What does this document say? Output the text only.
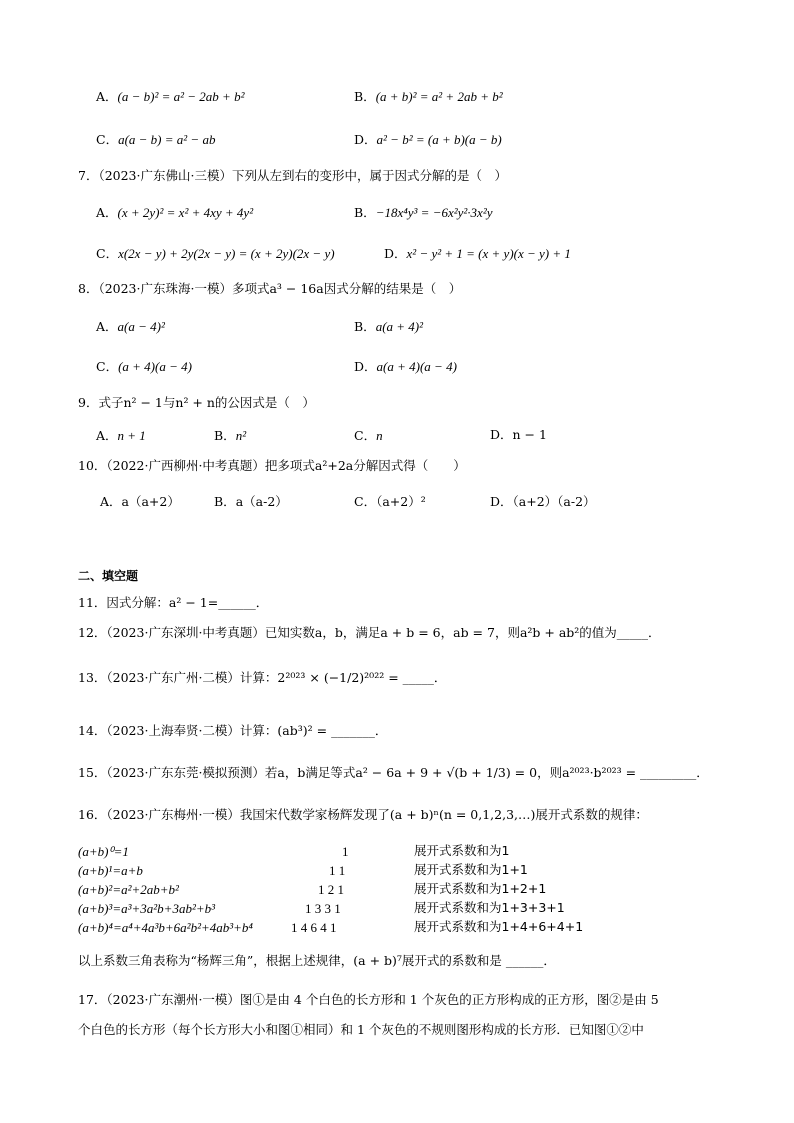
A．(a − b)² = a² − 2ab + b²	B．(a + b)² = a² + 2ab + b²
C．a(a − b) = a² − ab	D．a² − b² = (a + b)(a − b)
7．（2023·广东佛山·三模）下列从左到右的变形中，属于因式分解的是（　）
A．(x + 2y)² = x² + 4xy + 4y²	B．−18x⁴y³ = −6x²y²·3x²y
C．x(2x − y) + 2y(2x − y) = (x + 2y)(2x − y)	D．x² − y² + 1 = (x + y)(x − y) + 1
8．（2023·广东珠海·一模）多项式a³ − 16a因式分解的结果是（　）
A．a(a − 4)²	B．a(a + 4)²
C．(a + 4)(a − 4)	D．a(a + 4)(a − 4)
9．式子n² − 1与n² + n的公因式是（　）
A．n + 1	B．n²	C．n	D．n − 1
10．（2022·广西柳州·中考真题）把多项式a²+2a分解因式得（　　）
A．a（a+2）	B．a（a-2）	C．（a+2）²	D．（a+2）（a-2）
二、填空题
11．因式分解：a² − 1=______．
12．（2023·广东深圳·中考真题）已知实数a，b，满足a + b = 6，ab = 7，则a²b + ab²的值为_____．
13．（2023·广东广州·二模）计算：2²⁰²³ × (−1/2)²⁰²² = _____．
14．（2023·上海奉贤·二模）计算：(ab³)² = _______．
15．（2023·广东东莞·模拟预测）若a，b满足等式a² − 6a + 9 + √(b + 1/3) = 0，则a²⁰²³·b²⁰²³ = _________．
16．（2023·广东梅州·一模）我国宋代数学家杨辉发现了(a + b)ⁿ(n = 0,1,2,3,…)展开式系数的规律：
(a+b)⁰=1	1	展开式系数和为1
(a+b)¹=a+b	1 1	展开式系数和为1+1
(a+b)²=a²+2ab+b²	1 2 1	展开式系数和为1+2+1
(a+b)³=a³+3a²b+3ab²+b³	1 3 3 1	展开式系数和为1+3+3+1
(a+b)⁴=a⁴+4a³b+6a²b²+4ab³+b⁴	1 4 6 4 1	展开式系数和为1+4+6+4+1
以上系数三角表称为“杨辉三角”，根据上述规律，(a + b)⁷展开式的系数和是 ______．
17．（2023·广东潮州·一模）图①是由 4 个白色的长方形和 1 个灰色的正方形构成的正方形，图②是由 5
个白色的长方形（每个长方形大小和图①相同）和 1 个灰色的不规则图形构成的长方形．已知图①②中
